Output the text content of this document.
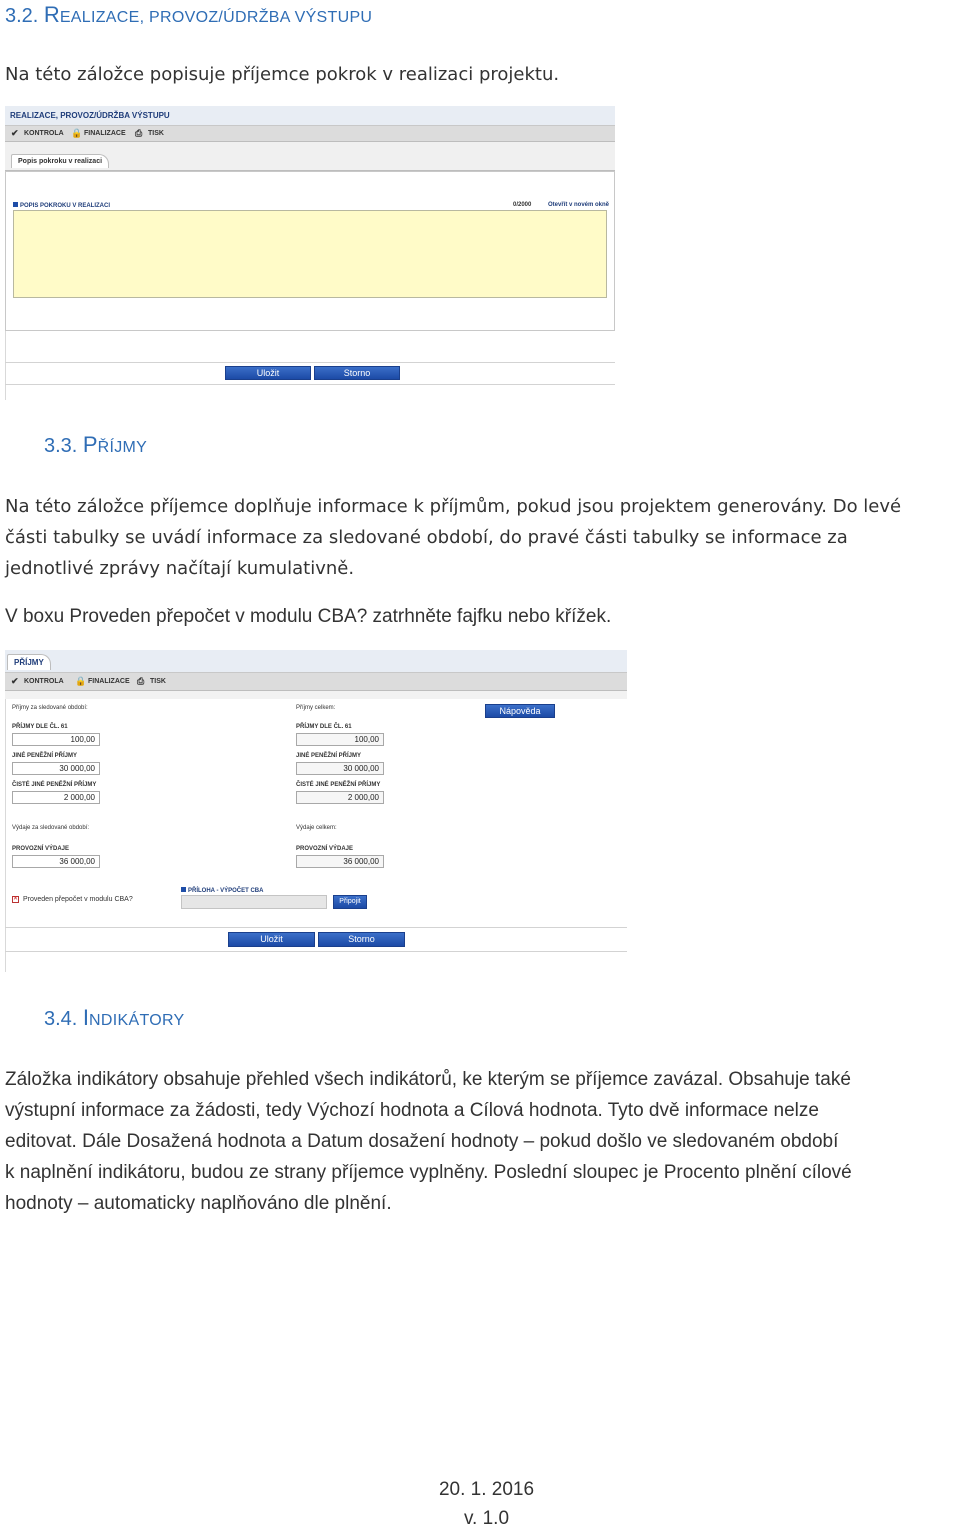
3.2. REALIZACE, PROVOZ/ÚDRŽBA VÝSTUPU
Na této záložce popisuje příjemce pokrok v realizaci projektu.
REALIZACE, PROVOZ/ÚDRŽBA VÝSTUPU
✔ KONTROLA 🔒 FINALIZACE ⎙ TISK
Popis pokroku v realizaci
POPIS POKROKU V REALIZACI	0/2000	Otevřít v novém okně
Uložit	Storno
3.3. PŘÍJMY
Na této záložce příjemce doplňuje informace k příjmům, pokud jsou projektem generovány. Do levé
části tabulky se uvádí informace za sledované období, do pravé části tabulky se informace za
jednotlivé zprávy načítají kumulativně.
V boxu Proveden přepočet v modulu CBA? zatrhněte fajfku nebo křížek.
PŘÍJMY
✔ KONTROLA 🔒 FINALIZACE ⎙ TISK
Nápověda
Příjmy za sledované období:
PŘÍJMY DLE ČL. 61
100,00
JINÉ PENĚŽNÍ PŘÍJMY
30 000,00
ČISTÉ JINÉ PENĚŽNÍ PŘÍJMY
2 000,00
Výdaje za sledované období:
PROVOZNÍ VÝDAJE
36 000,00
Příjmy celkem:
PŘÍJMY DLE ČL. 61
100,00
JINÉ PENĚŽNÍ PŘÍJMY
30 000,00
ČISTÉ JINÉ PENĚŽNÍ PŘÍJMY
2 000,00
Výdaje celkem:
PROVOZNÍ VÝDAJE
36 000,00
PŘÍLOHA - VÝPOČET CBA
✕ Proveden přepočet v modulu CBA?	Připojit
Uložit	Storno
3.4. INDIKÁTORY
Záložka indikátory obsahuje přehled všech indikátorů, ke kterým se příjemce zavázal. Obsahuje také
výstupní informace za žádosti, tedy Výchozí hodnota a Cílová hodnota. Tyto dvě informace nelze
editovat. Dále Dosažená hodnota a Datum dosažení hodnoty – pokud došlo ve sledovaném období
k naplnění indikátoru, budou ze strany příjemce vyplněny. Poslední sloupec je Procento plnění cílové
hodnoty – automaticky naplňováno dle plnění.
20. 1. 2016
v. 1.0
